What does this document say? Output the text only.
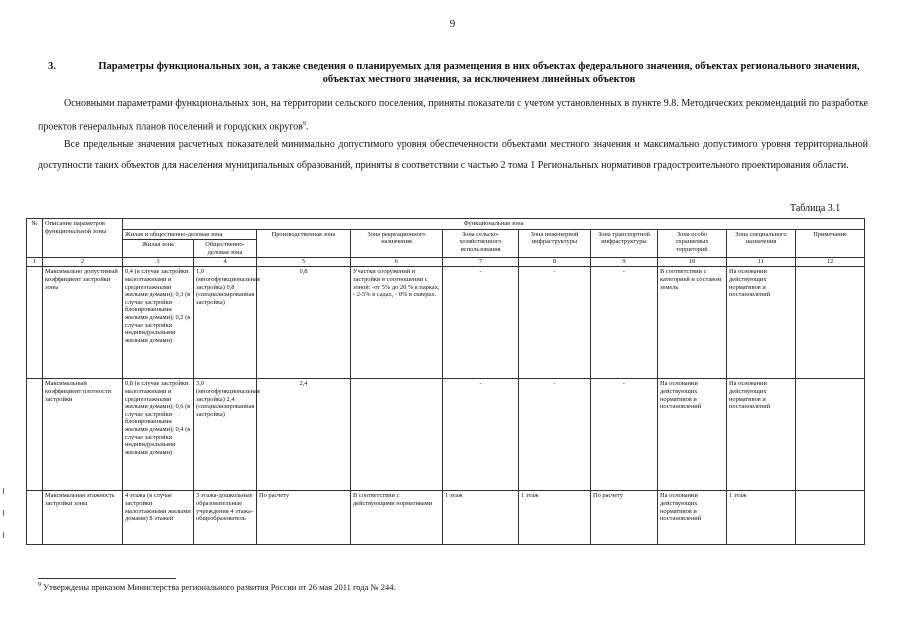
9
3.	Параметры функциональных зон, а также сведения о планируемых для размещения в них объектах федерального значения, объектах регионального значения, объектах местного значения, за исключением линейных объектов
Основными параметрами функциональных зон, на территории сельского поселения, приняты показатели с учетом установленных в пункте 9.8. Методических рекомендаций по разработке проектов генеральных планов поселений и городских округов$^9$.
Все предельные значения расчетных показателей минимально допустимого уровня обеспеченности объектами местного значения и максимально допустимого уровня территориальной доступности таких объектов для населения муниципальных образований, приняты в соответствии с частью 2 тома 1 Региональных нормативов градостроительного проектирования области.
Таблица 3.1
№	Описание параметров функциональной зоны	Функциональная зона									
		Жилая и общественно-деловая зона		Производственная зона	Зона рекреационного назначения	Зона сельско-хозяйственного использования	Зона инженерной инфраструктуры	Зона транспортной инфраструктуры	Зона особо охраняемых территорий	Зона специального назначения	Примечание
		Жилая зона	Общественно-деловая зона								
1	2	3	4	5	6	7	8	9	10	11	12
	Максимально допустимый коэффициент застройки зоны	0,4 (в случае застройки малоэтажными и среднеэтажными жилыми домами); 0,3 (в случае застройки блокированными жилыми домами); 0,2 (в случае застройки индивидуальными жилыми домами)	1,0 (многофункциональная застройка) 0,8 (специализированная застройка)	0,8	Участки сооружений и застройки в соотношении с зоной: -от 5% до 20 % в парках, - 2-5% в садах, - 0% в скверах.	-	-	-	В соответствии с категорией и составом земель	На основании действующих нормативов и постановлений	
	Максимальный коэффициент плотности застройки	0,8 (в случае застройки малоэтажными и среднеэтажными жилыми домами); 0,6 (в случае застройки блокированными жилыми домами); 0,4 (в случае застройки индивидуальными жилыми домами)	3,0 (многофункциональная застройка) 2,4 (специализированная застройка)	2,4		-	-	-	На основании действующих нормативов и постановлений	На основании действующих нормативов и постановлений	
	Максимальная этажность застройки зоны	4 этажа (в случае застройки малоэтажными жилыми домами) 8 этажей	3 этажа-дошкольные образовательные учреждения 4 этажа-общеобразователь	По расчету	В соответствии с действующими нормативами	1 этаж	1 этаж	По расчету	На основании действующих нормативов и постановлений	1 этаж	
$^9$ Утверждены приказом Министерства регионального развития России от 26 мая 2011 года № 244.
